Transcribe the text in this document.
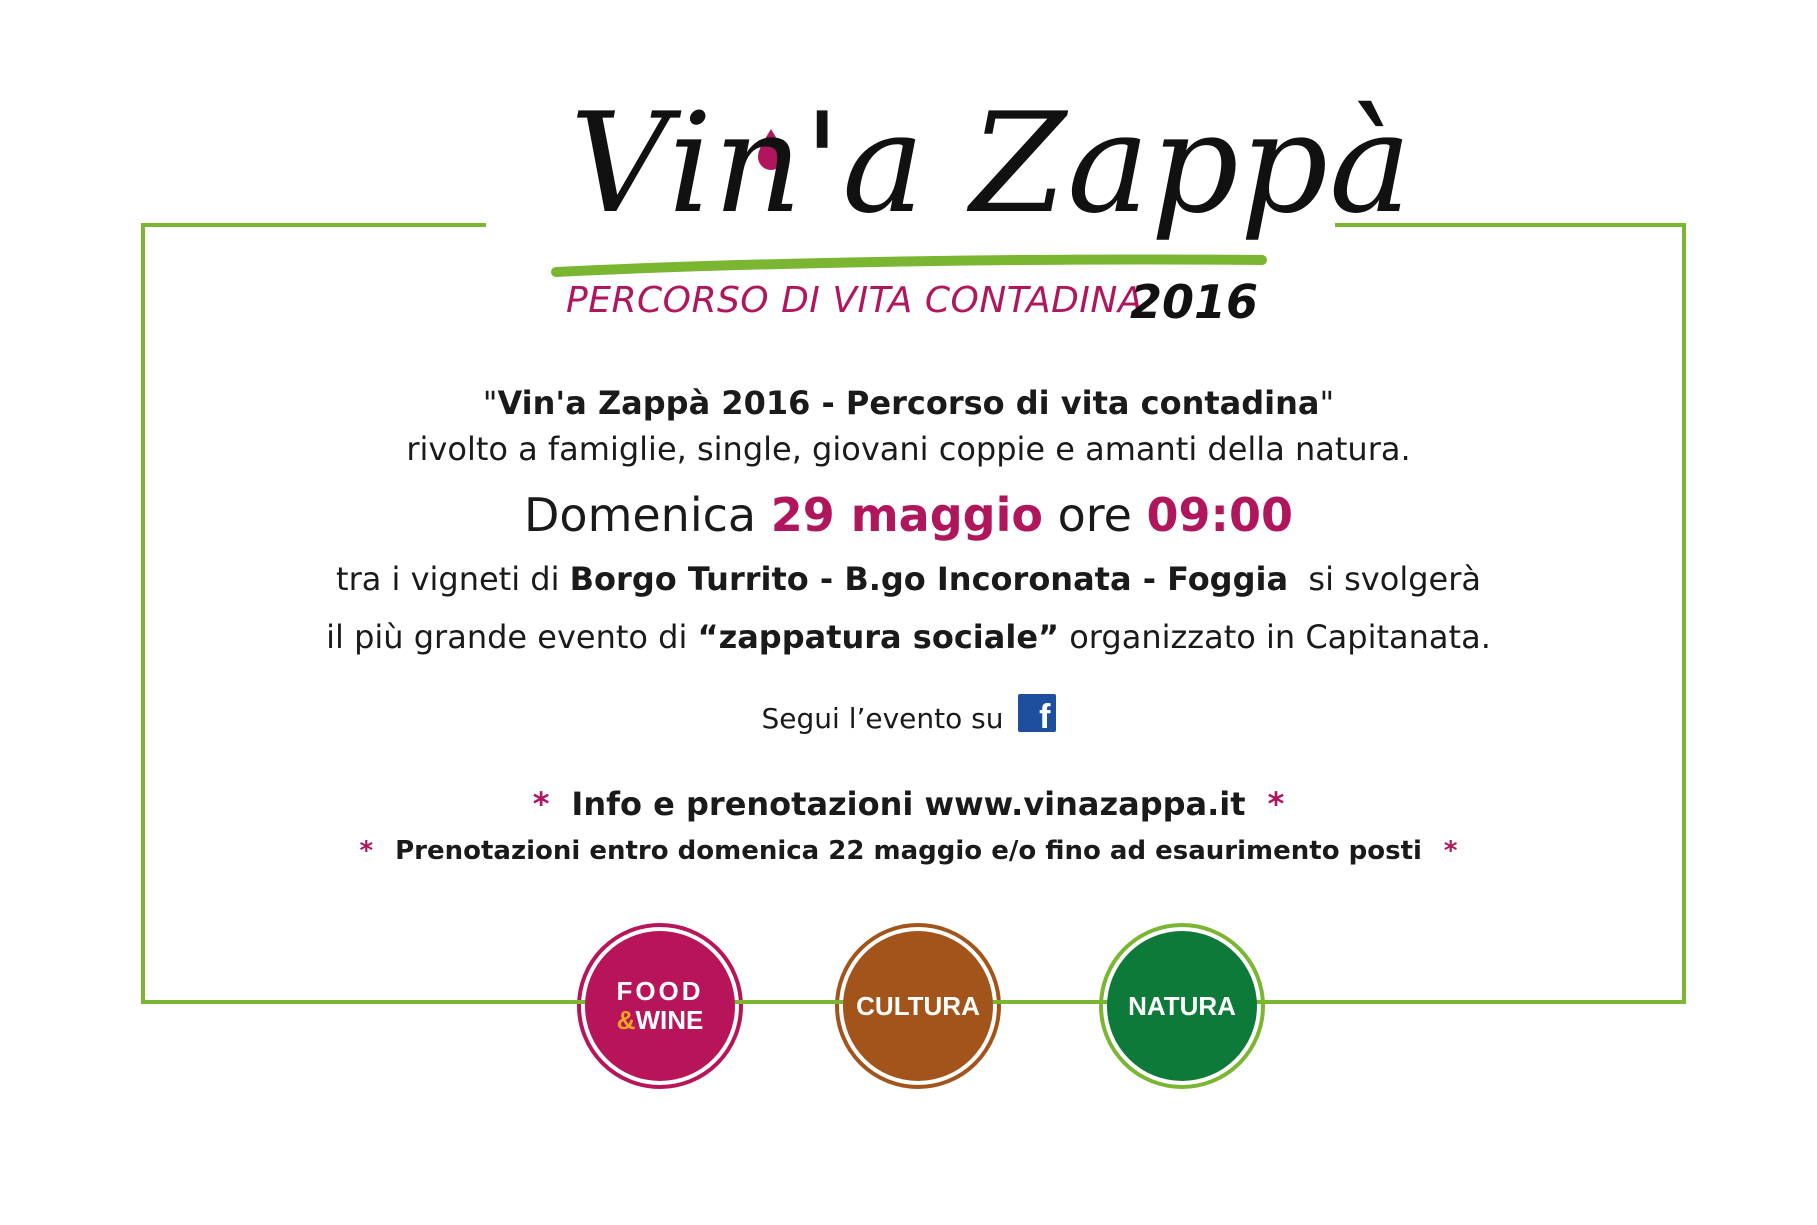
Vin'a Zappà
PERCORSO DI VITA CONTADINA
2016
"Vin'a Zappà 2016 - Percorso di vita contadina"
rivolto a famiglie, single, giovani coppie e amanti della natura.
Domenica 29 maggio ore 09:00
tra i vigneti di Borgo Turrito - B.go Incoronata - Foggia  si svolgerà
il più grande evento di “zappatura sociale” organizzato in Capitanata.
Segui l’evento su f
* Info e prenotazioni www.vinazappa.it *
* Prenotazioni entro domenica 22 maggio e/o fino ad esaurimento posti *
FOOD
&WINE	CULTURA	NATURA
